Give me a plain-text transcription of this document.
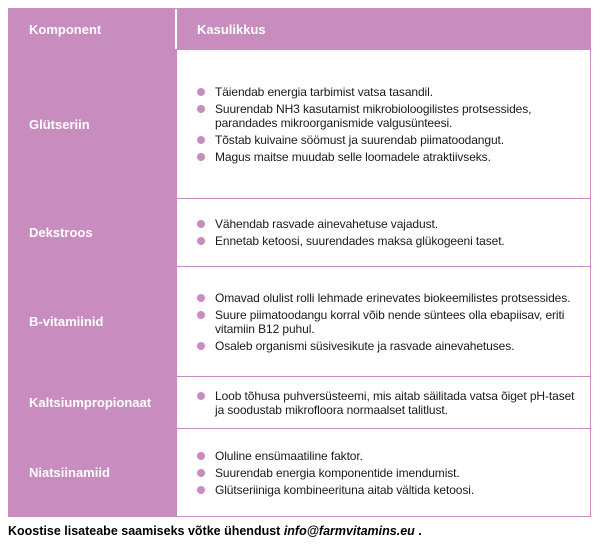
Komponent	Kasulikkus
Glütseriin
Täiendab energia tarbimist vatsa tasandil.
Suurendab NH3 kasutamist mikrobioloogilistes protsessides, parandades mikroorganismide valgusünteesi.
Tõstab kuivaine söömust ja suurendab piimatoodangut.
Magus maitse muudab selle loomadele atraktiivseks.
Dekstroos
Vähendab rasvade ainevahetuse vajadust.
Ennetab ketoosi, suurendades maksa glükogeeni taset.
B-vitamiinid
Omavad olulist rolli lehmade erinevates biokeemilistes protsessides.
Suure piimatoodangu korral võib nende süntees olla ebapiisav, eriti vitamiin B12 puhul.
Osaleb organismi süsivesikute ja rasvade ainevahetuses.
Kaltsiumpropionaat	Loob tõhusa puhversüsteemi, mis aitab säilitada vatsa õiget pH-taset ja soodustab mikrofloora normaalset talitlust.
Niatsiinamiid
Oluline ensümaatiline faktor.
Suurendab energia komponentide imendumist.
Glütseriiniga kombineerituna aitab vältida ketoosi.
Koostise lisateabe saamiseks võtke ühendust info@farmvitamins.eu .
